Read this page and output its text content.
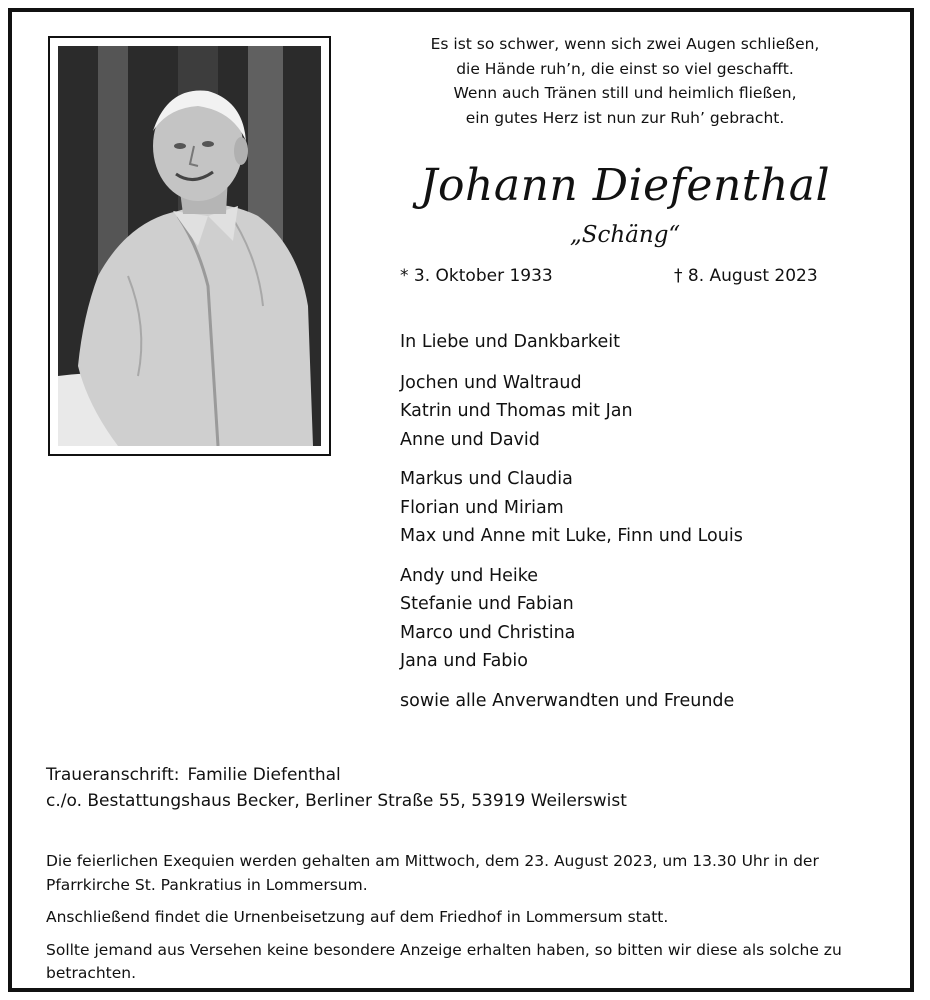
Es ist so schwer, wenn sich zwei Augen schließen,
die Hände ruh’n, die einst so viel geschafft.
Wenn auch Tränen still und heimlich fließen,
ein gutes Herz ist nun zur Ruh’ gebracht.
Johann Diefenthal
„Schäng“
* 3. Oktober 1933	† 8. August 2023
In Liebe und Dankbarkeit
Jochen und Waltraud
Katrin und Thomas mit Jan
Anne und David
Markus und Claudia
Florian und Miriam
Max und Anne mit Luke, Finn und Louis
Andy und Heike
Stefanie und Fabian
Marco und Christina
Jana und Fabio
sowie alle Anverwandten und Freunde
Traueranschrift: Familie Diefenthal
c./o. Bestattungshaus Becker, Berliner Straße 55, 53919 Weilerswist

Die feierlichen Exequien werden gehalten am Mittwoch, dem 23. August 2023, um 13.30 Uhr in der Pfarrkirche St. Pankratius in Lommersum.

Anschließend findet die Urnenbeisetzung auf dem Friedhof in Lommersum statt.

Sollte jemand aus Versehen keine besondere Anzeige erhalten haben, so bitten wir diese als solche zu betrachten.
